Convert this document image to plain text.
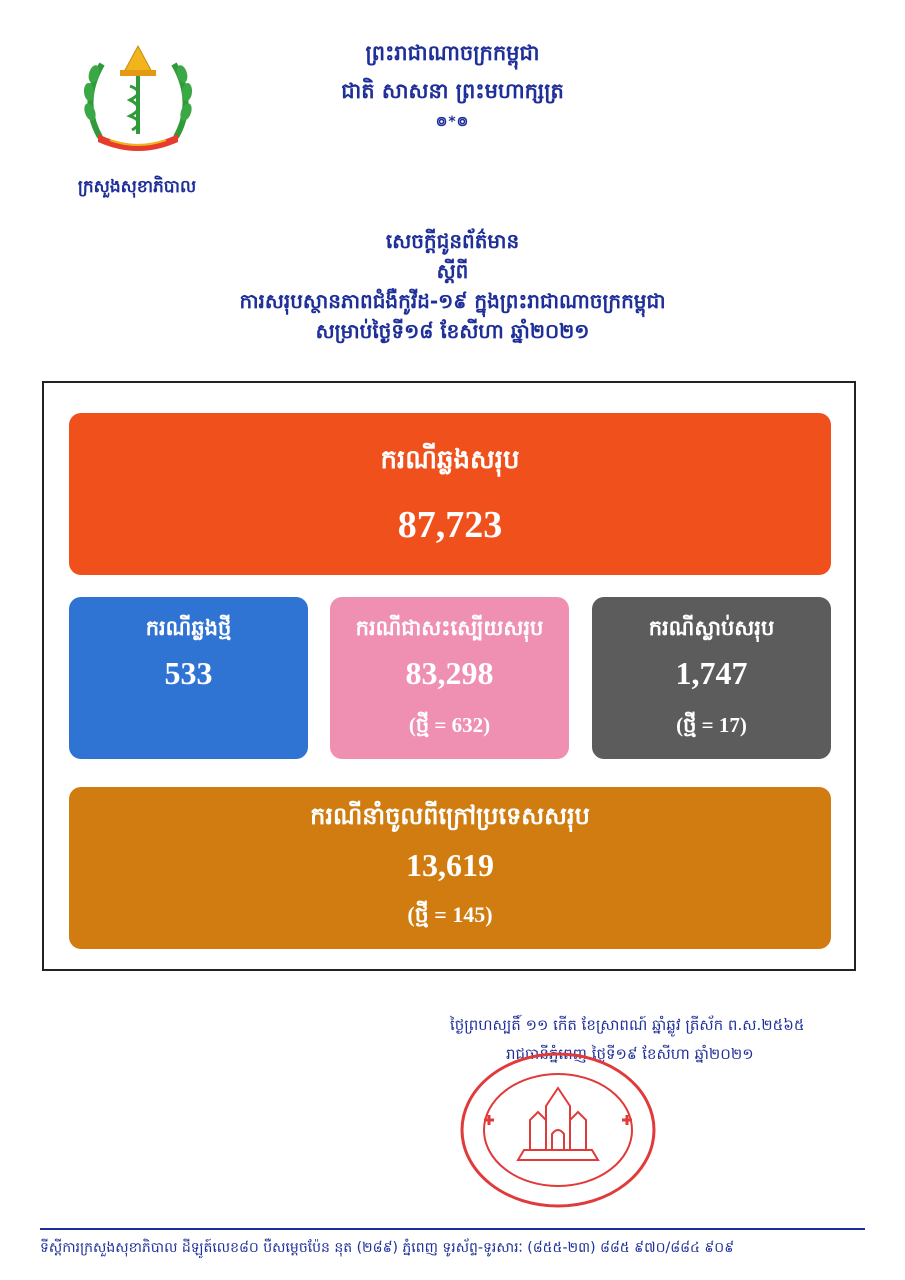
ព្រះរាជាណាចក្រកម្ពុជា
ជាតិ សាសនា ព្រះមហាក្សត្រ
៙*៙
ក្រសួងសុខាភិបាល
សេចក្តីជូនព័ត៌មាន
ស្តីពី
ការសរុបស្ថានភាពជំងឺកូវីដ-១៩ ក្នុងព្រះរាជាណាចក្រកម្ពុជា
សម្រាប់ថ្ងៃទី១៨ ខែសីហា ឆ្នាំ២០២១
ករណីឆ្លងសរុប
87,723
ករណីឆ្លងថ្មី
533
ករណីជាសះស្បើយសរុប
83,298
(ថ្មី = 632)
ករណីស្លាប់សរុប
1,747
(ថ្មី = 17)
ករណីនាំចូលពីក្រៅប្រទេសសរុប
13,619
(ថ្មី = 145)
ថ្ងៃព្រហស្បតិ៍ ១១ កើត ខែស្រាពណ៍ ឆ្នាំឆ្លូវ ត្រីស័ក ព.ស.២៥៦៥
រាជធានីភ្នំពេញ ថ្ងៃទី១៩ ខែសីហា ឆ្នាំ២០២១
ទីស្តីការក្រសួងសុខាភិបាល ដីឡូត៍លេខ៨០ បឺសម្តេចប៉ែន នុត (២៨៩) ភ្នំពេញ ទូរស័ព្ទ-ទូរសារៈ (៨៥៥-២៣) ៨៨៥ ៩៧០/៨៨៤ ៩០៩
